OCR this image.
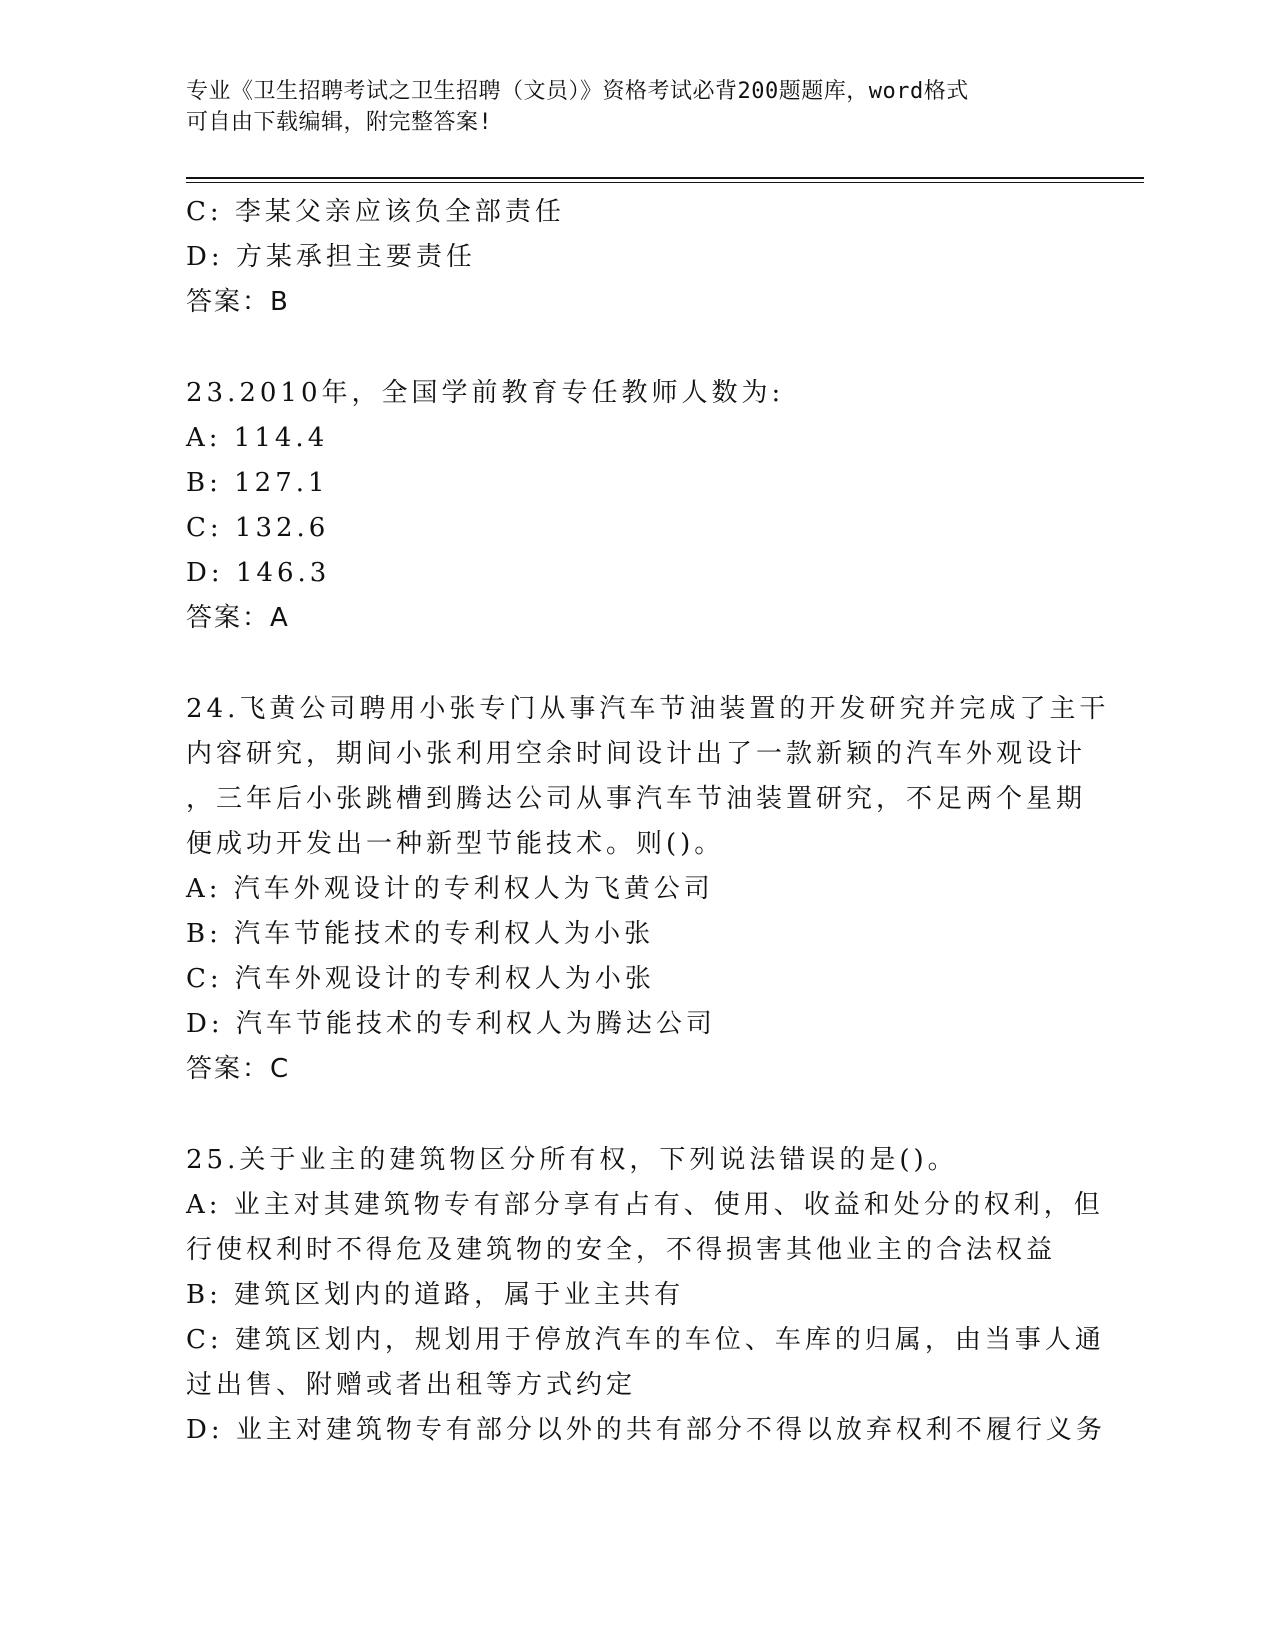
专业《卫生招聘考试之卫生招聘（文员）》资格考试必背200题题库，word格式
可自由下载编辑，附完整答案!
C: 李某父亲应该负全部责任
D: 方某承担主要责任
答案：B
23.2010年，全国学前教育专任教师人数为:
A: 114.4
B: 127.1
C: 132.6
D: 146.3
答案：A
24.飞黄公司聘用小张专门从事汽车节油装置的开发研究并完成了主干
内容研究，期间小张利用空余时间设计出了一款新颖的汽车外观设计
，三年后小张跳槽到腾达公司从事汽车节油装置研究，不足两个星期
便成功开发出一种新型节能技术。则()。
A: 汽车外观设计的专利权人为飞黄公司
B: 汽车节能技术的专利权人为小张
C: 汽车外观设计的专利权人为小张
D: 汽车节能技术的专利权人为腾达公司
答案：C
25.关于业主的建筑物区分所有权，下列说法错误的是()。
A: 业主对其建筑物专有部分享有占有、使用、收益和处分的权利，但
行使权利时不得危及建筑物的安全，不得损害其他业主的合法权益
B: 建筑区划内的道路，属于业主共有
C: 建筑区划内，规划用于停放汽车的车位、车库的归属，由当事人通
过出售、附赠或者出租等方式约定
D: 业主对建筑物专有部分以外的共有部分不得以放弃权利不履行义务
